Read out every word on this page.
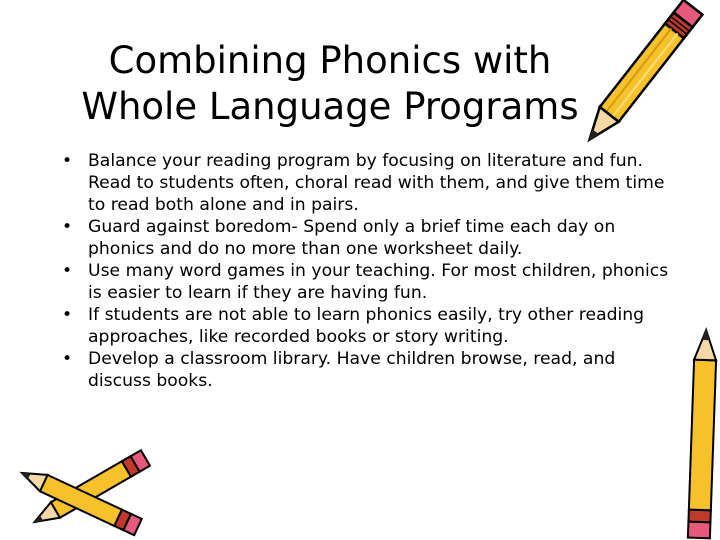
Combining Phonics with
Whole Language Programs
• Balance your reading program by focusing on literature and fun. Read to students often, choral read with them, and give them time to read both alone and in pairs.
• Guard against boredom- Spend only a brief time each day on phonics and do no more than one worksheet daily.
• Use many word games in your teaching. For most children, phonics is easier to learn if they are having fun.
• If students are not able to learn phonics easily, try other reading approaches, like recorded books or story writing.
• Develop a classroom library. Have children browse, read, and discuss books.
